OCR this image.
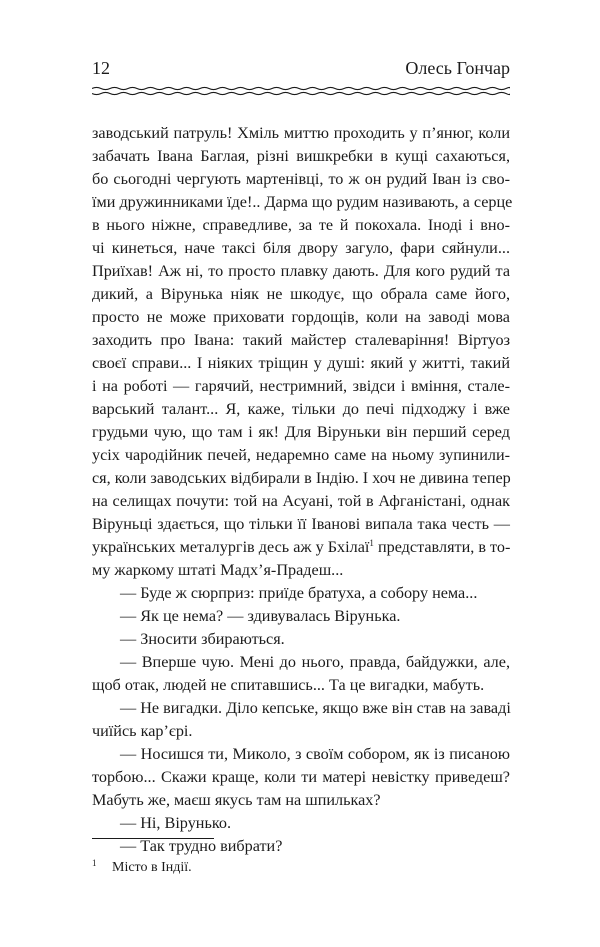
12	Олесь Гончар
заводський патруль! Хміль миттю проходить у п’янюг, коли
забачать Івана Баглая, різні вишкребки в кущі сахаються,
бо сьогодні чергують мартенівці, то ж он рудий Іван із сво-
їми дружинниками їде!.. Дарма що рудим називають, а серце
в нього ніжне, справедливе, за те й покохала. Іноді і вно-
чі кинеться, наче таксі біля двору загуло, фари сяйнули...
Приїхав! Аж ні, то просто плавку дають. Для кого рудий та
дикий, а Вірунька ніяк не шкодує, що обрала саме його,
просто не може приховати гордощів, коли на заводі мова
заходить про Івана: такий майстер сталеваріння! Віртуоз
своєї справи... І ніяких тріщин у душі: який у житті, такий
і на роботі — гарячий, нестримний, звідси і вміння, стале-
варський талант... Я, каже, тільки до печі підходжу і вже
грудьми чую, що там і як! Для Віруньки він перший серед
усіх чародійник печей, недаремно саме на ньому зупинили-
ся, коли заводських відбирали в Індію. І хоч не дивина тепер
на селищах почути: той на Асуані, той в Афганістані, однак
Віруньці здається, що тільки її Іванові випала така честь —
українських металургів десь аж у Бхілаї$^1$ представляти, в то-
му жаркому штаті Мадх’я-Прадеш...
— Буде ж сюрприз: приїде братуха, а собору нема...
— Як це нема? — здивувалась Вірунька.
— Зносити збираються.
— Вперше чую. Мені до нього, правда, байдужки, але,
щоб отак, людей не спитавшись... Та це вигадки, мабуть.
— Не вигадки. Діло кепське, якщо вже він став на заваді
чиїйсь кар’єрі.
— Носишся ти, Миколо, з своїм собором, як із писаною
торбою... Скажи краще, коли ти матері невістку приведеш?
Мабуть же, маєш якусь там на шпильках?
— Ні, Вірунько.
— Так трудно вибрати?
1 Місто в Індії.
